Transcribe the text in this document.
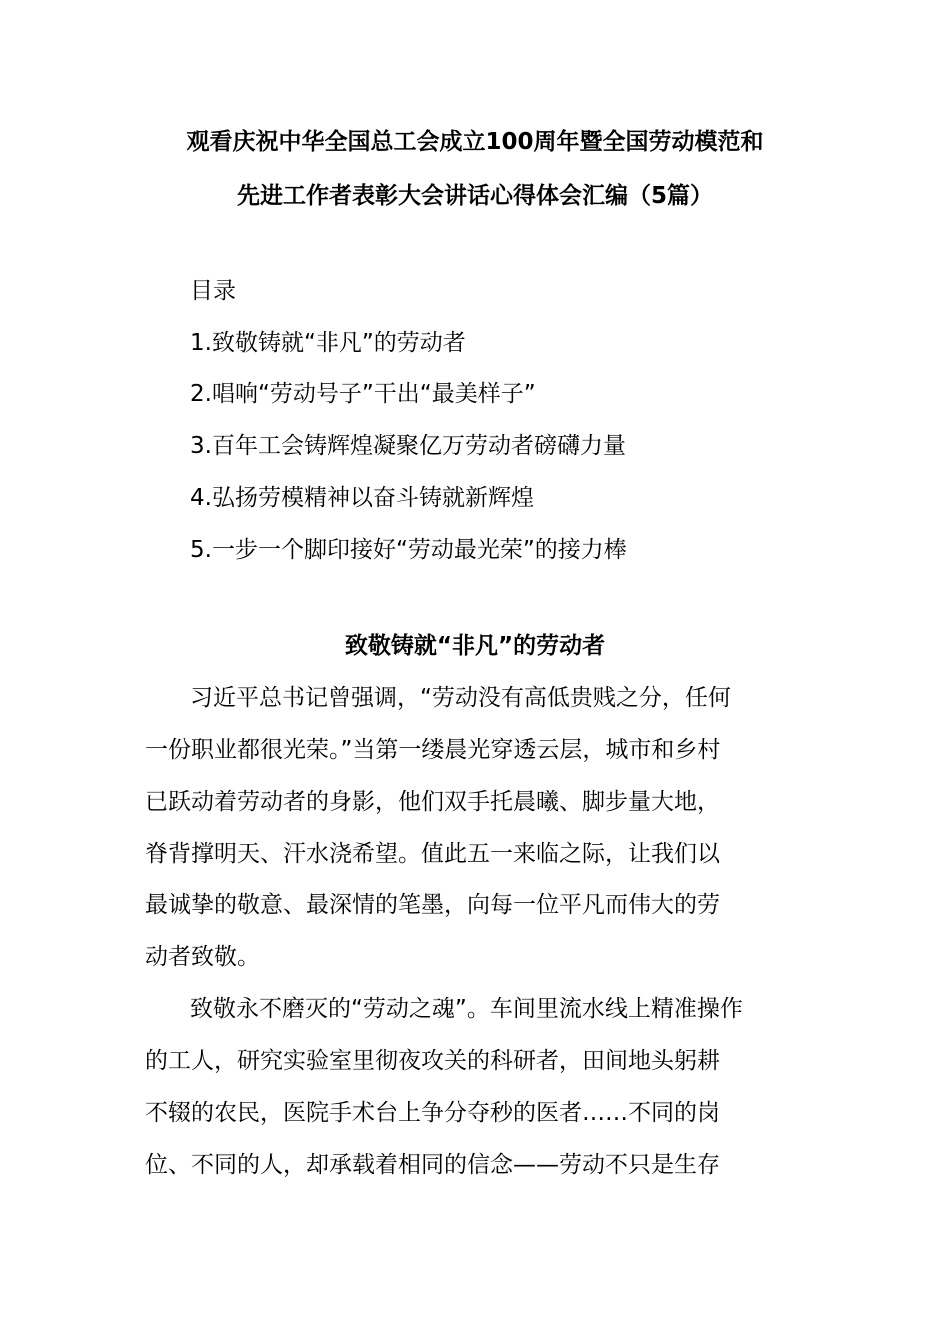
观看庆祝中华全国总工会成立100周年暨全国劳动模范和
先进工作者表彰大会讲话心得体会汇编（5篇）
目录
1.致敬铸就“非凡”的劳动者
2.唱响“劳动号子”干出“最美样子”
3.百年工会铸辉煌凝聚亿万劳动者磅礴力量
4.弘扬劳模精神以奋斗铸就新辉煌
5.一步一个脚印接好“劳动最光荣”的接力棒
致敬铸就“非凡”的劳动者
习近平总书记曾强调，“劳动没有高低贵贱之分，任何
一份职业都很光荣。”当第一缕晨光穿透云层，城市和乡村
已跃动着劳动者的身影，他们双手托晨曦、脚步量大地，
脊背撑明天、汗水浇希望。值此五一来临之际，让我们以
最诚挚的敬意、最深情的笔墨，向每一位平凡而伟大的劳
动者致敬。
致敬永不磨灭的“劳动之魂”。车间里流水线上精准操作
的工人，研究实验室里彻夜攻关的科研者，田间地头躬耕
不辍的农民，医院手术台上争分夺秒的医者……不同的岗
位、不同的人，却承载着相同的信念——劳动不只是生存
